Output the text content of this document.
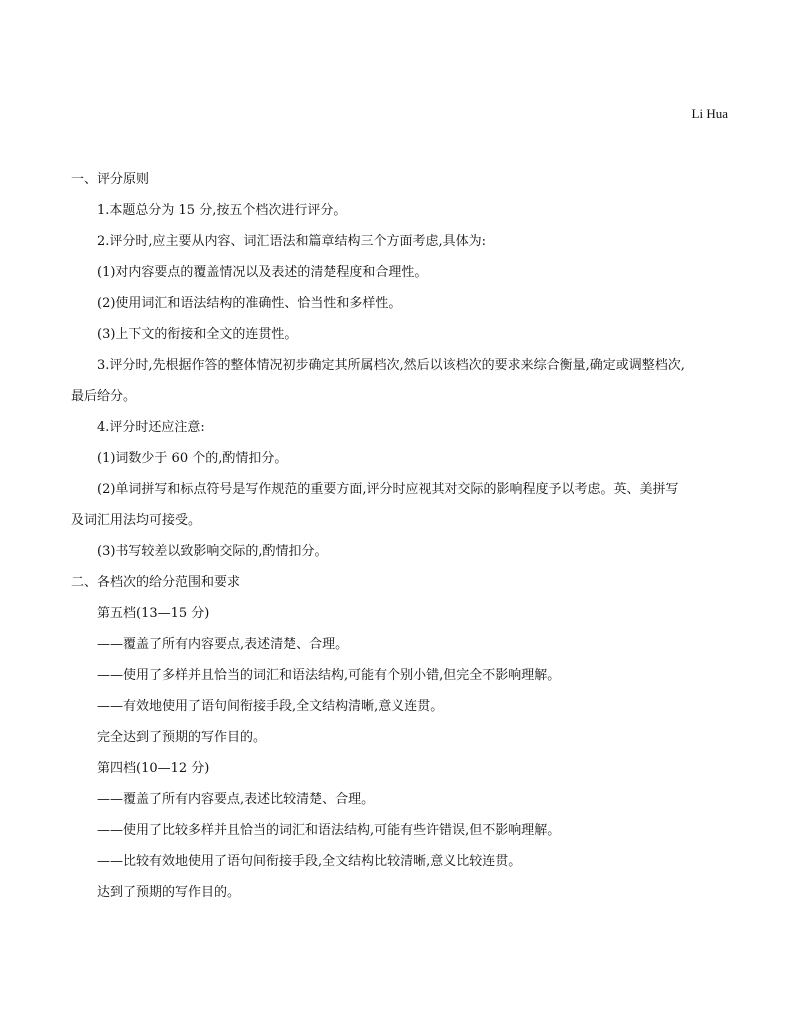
Li Hua
一、评分原则
1.本题总分为 15 分,按五个档次进行评分。
2.评分时,应主要从内容、词汇语法和篇章结构三个方面考虑,具体为:
(1)对内容要点的覆盖情况以及表述的清楚程度和合理性。
(2)使用词汇和语法结构的准确性、恰当性和多样性。
(3)上下文的衔接和全文的连贯性。
3.评分时,先根据作答的整体情况初步确定其所属档次,然后以该档次的要求来综合衡量,确定或调整档次,
最后给分。
4.评分时还应注意:
(1)词数少于 60 个的,酌情扣分。
(2)单词拼写和标点符号是写作规范的重要方面,评分时应视其对交际的影响程度予以考虑。英、美拼写
及词汇用法均可接受。
(3)书写较差以致影响交际的,酌情扣分。
二、各档次的给分范围和要求
第五档(13—15 分)
——覆盖了所有内容要点,表述清楚、合理。
——使用了多样并且恰当的词汇和语法结构,可能有个别小错,但完全不影响理解。
——有效地使用了语句间衔接手段,全文结构清晰,意义连贯。
完全达到了预期的写作目的。
第四档(10—12 分)
——覆盖了所有内容要点,表述比较清楚、合理。
——使用了比较多样并且恰当的词汇和语法结构,可能有些许错误,但不影响理解。
——比较有效地使用了语句间衔接手段,全文结构比较清晰,意义比较连贯。
达到了预期的写作目的。
